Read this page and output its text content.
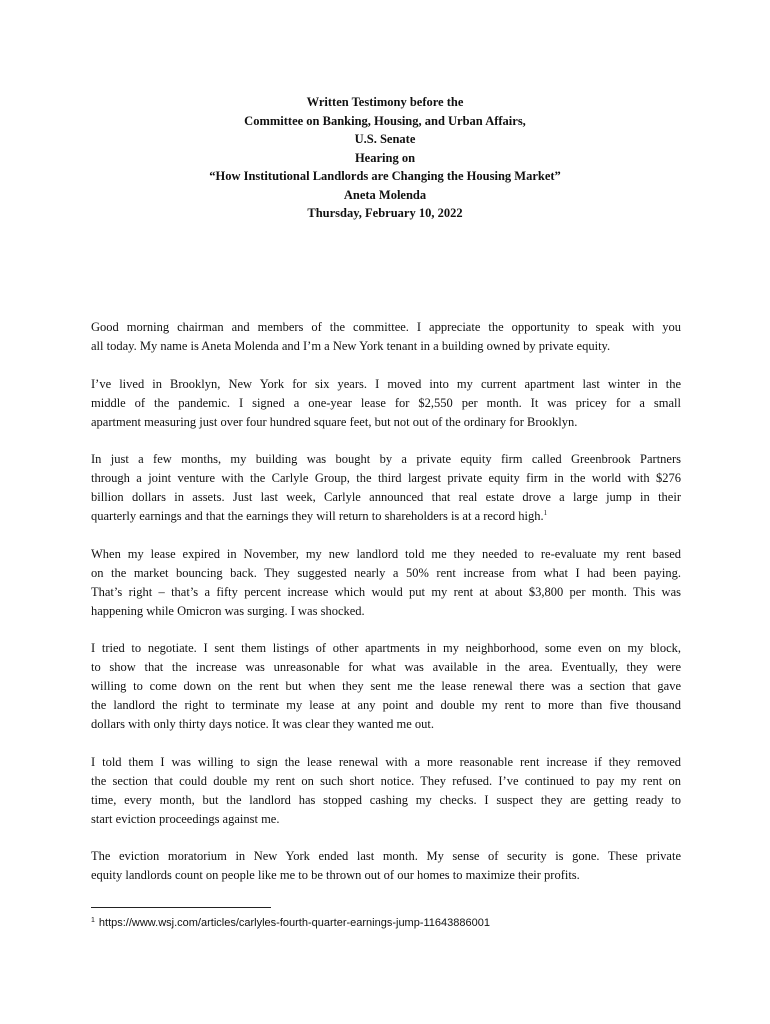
Written Testimony before the
Committee on Banking, Housing, and Urban Affairs,
U.S. Senate
Hearing on
“How Institutional Landlords are Changing the Housing Market”
Aneta Molenda
Thursday, February 10, 2022
Good morning chairman and members of the committee. I appreciate the opportunity to speak with you
all today. My name is Aneta Molenda and I’m a New York tenant in a building owned by private equity.
I’ve lived in Brooklyn, New York for six years. I moved into my current apartment last winter in the
middle of the pandemic. I signed a one-year lease for $2,550 per month. It was pricey for a small
apartment measuring just over four hundred square feet, but not out of the ordinary for Brooklyn.
In just a few months, my building was bought by a private equity firm called Greenbrook Partners
through a joint venture with the Carlyle Group, the third largest private equity firm in the world with $276
billion dollars in assets. Just last week, Carlyle announced that real estate drove a large jump in their
quarterly earnings and that the earnings they will return to shareholders is at a record high.$^1$
When my lease expired in November, my new landlord told me they needed to re-evaluate my rent based
on the market bouncing back. They suggested nearly a 50% rent increase from what I had been paying.
That’s right – that’s a fifty percent increase which would put my rent at about $3,800 per month. This was
happening while Omicron was surging. I was shocked.
I tried to negotiate. I sent them listings of other apartments in my neighborhood, some even on my block,
to show that the increase was unreasonable for what was available in the area. Eventually, they were
willing to come down on the rent but when they sent me the lease renewal there was a section that gave
the landlord the right to terminate my lease at any point and double my rent to more than five thousand
dollars with only thirty days notice. It was clear they wanted me out.
I told them I was willing to sign the lease renewal with a more reasonable rent increase if they removed
the section that could double my rent on such short notice. They refused. I’ve continued to pay my rent on
time, every month, but the landlord has stopped cashing my checks. I suspect they are getting ready to
start eviction proceedings against me.
The eviction moratorium in New York ended last month. My sense of security is gone. These private
equity landlords count on people like me to be thrown out of our homes to maximize their profits.
$^1$ https://www.wsj.com/articles/carlyles-fourth-quarter-earnings-jump-11643886001
